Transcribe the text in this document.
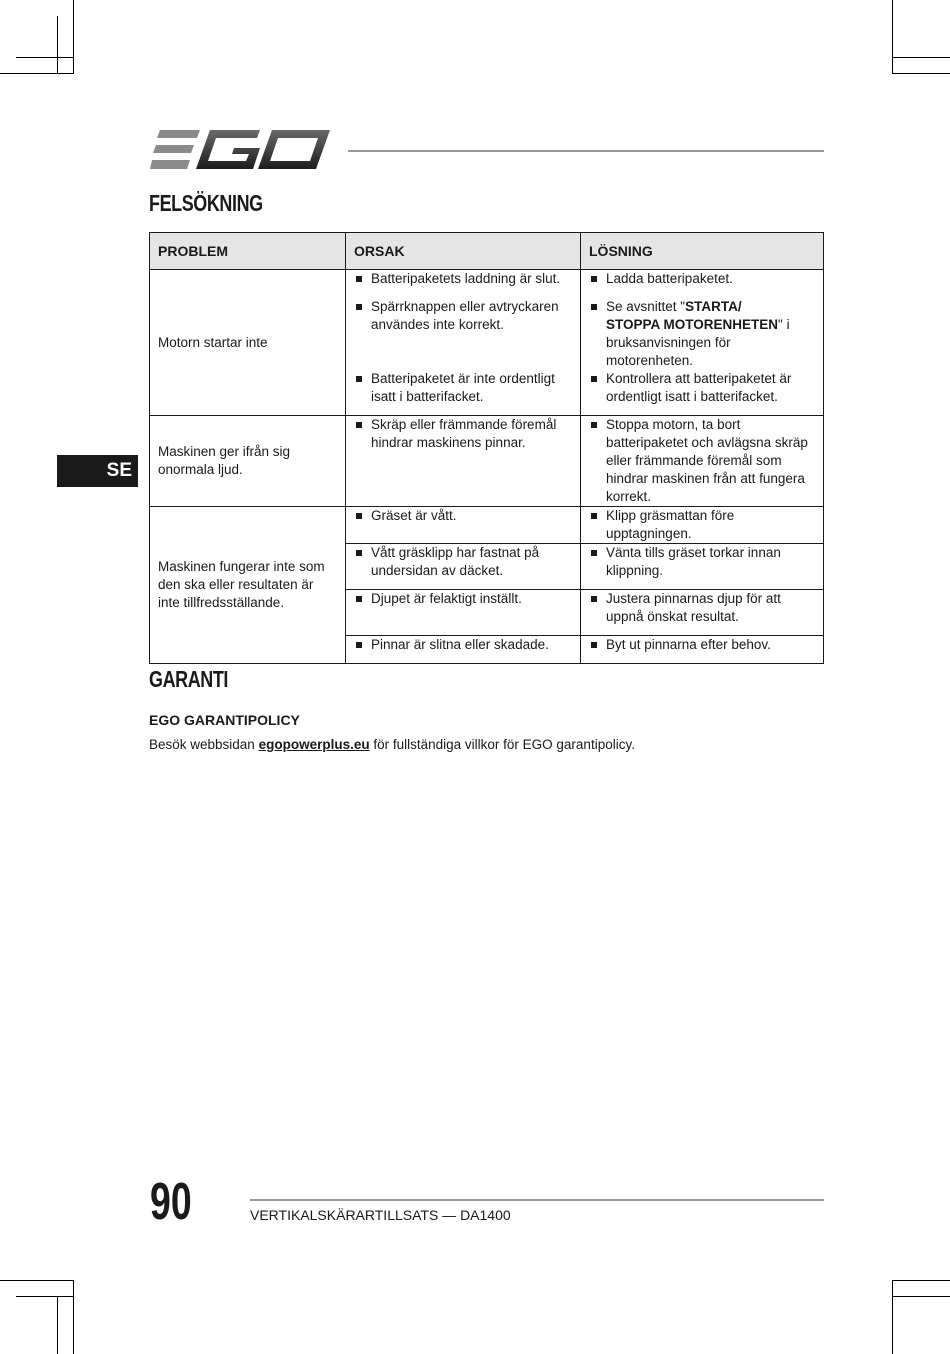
FELSÖKNING
SE
PROBLEM	ORSAK	LÖSNING
Motorn startar inte	Batteripaketets laddning är slut.	Ladda batteripaketet.

	Spärrknappen eller avtryckaren användes inte korrekt.	Se avsnittet "STARTA/
STOPPA MOTORENHETEN" i bruksanvisningen för motorenheten.

	Batteripaketet är inte ordentligt isatt i batterifacket.	Kontrollera att batteripaketet är ordentligt isatt i batterifacket.

Maskinen ger ifrån sig onormala ljud.	Skräp eller främmande föremål hindrar maskinens pinnar.	Stoppa motorn, ta bort batteripaketet och avlägsna skräp eller främmande föremål som hindrar maskinen från att fungera korrekt.

Maskinen fungerar inte som den ska eller resultaten är inte tillfredsställande.	Gräset är vått.	Klipp gräsmattan före upptagningen.

	Vått gräsklipp har fastnat på undersidan av däcket.	Vänta tills gräset torkar innan klippning.

	Djupet är felaktigt inställt.	Justera pinnarnas djup för att uppnå önskat resultat.

	Pinnar är slitna eller skadade.	Byt ut pinnarna efter behov.
GARANTI
EGO GARANTIPOLICY

Besök webbsidan egopowerplus.eu för fullständiga villkor för EGO garantipolicy.

90	VERTIKALSKÄRARTILLSATS — DA1400
